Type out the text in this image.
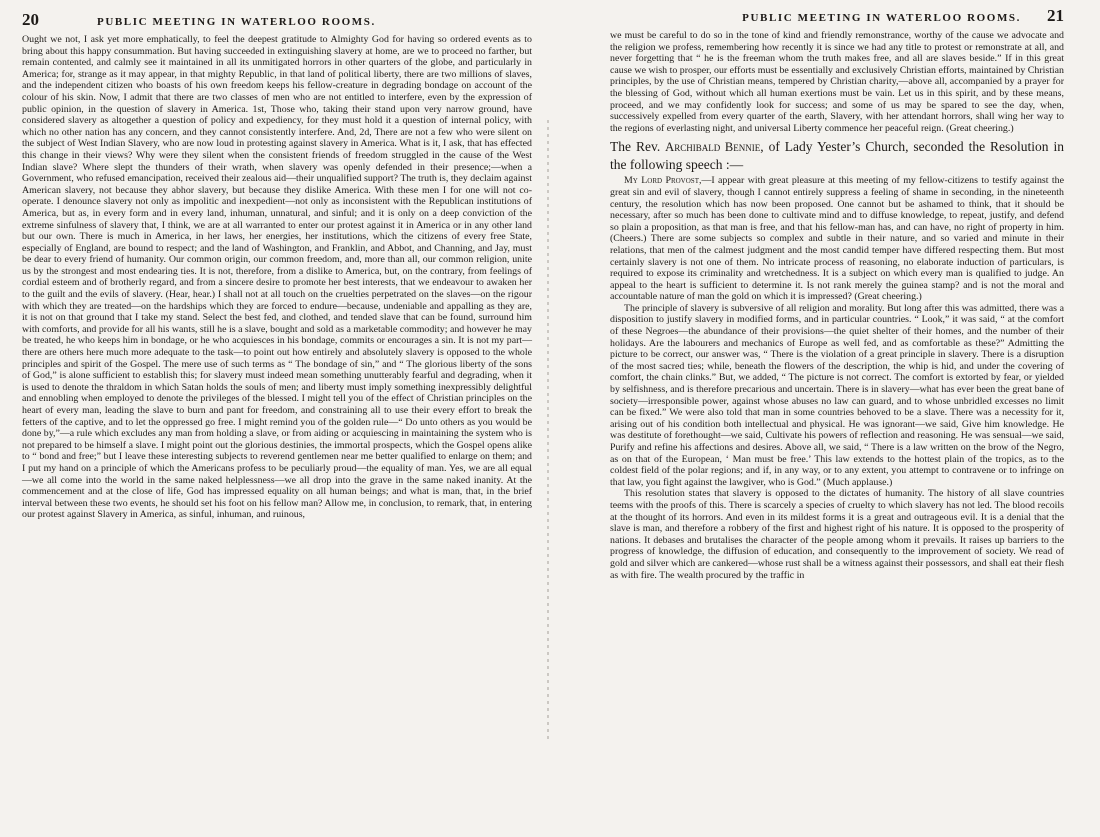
20	PUBLIC MEETING IN WATERLOO ROOMS.

Ought we not, I ask yet more emphatically, to feel the deepest gratitude to Almighty God for having so ordered events as to bring about this happy consummation. But having succeeded in extinguishing slavery at home, are we to proceed no farther, but remain contented, and calmly see it maintained in all its unmitigated horrors in other quarters of the globe, and particularly in America; for, strange as it may appear, in that mighty Republic, in that land of political liberty, there are two millions of slaves, and the independent citizen who boasts of his own freedom keeps his fellow-creature in degrading bondage on account of the colour of his skin. Now, I admit that there are two classes of men who are not entitled to interfere, even by the expression of public opinion, in the question of slavery in America. 1st, Those who, taking their stand upon very narrow ground, have considered slavery as altogether a question of policy and expediency, for they must hold it a question of internal policy, with which no other nation has any concern, and they cannot consistently interfere. And, 2d, There are not a few who were silent on the subject of West Indian Slavery, who are now loud in protesting against slavery in America. What is it, I ask, that has effected this change in their views? Why were they silent when the consistent friends of freedom struggled in the cause of the West Indian slave? Where slept the thunders of their wrath, when slavery was openly defended in their presence;—when a Government, who refused emancipation, received their zealous aid—their unqualified support? The truth is, they declaim against American slavery, not because they abhor slavery, but because they dislike America. With these men I for one will not co-operate. I denounce slavery not only as impolitic and inexpedient—not only as inconsistent with the Republican institutions of America, but as, in every form and in every land, inhuman, unnatural, and sinful; and it is only on a deep conviction of the extreme sinfulness of slavery that, I think, we are at all warranted to enter our protest against it in America or in any other land but our own. There is much in America, in her laws, her energies, her institutions, which the citizens of every free State, especially of England, are bound to respect; and the land of Washington, and Franklin, and Abbot, and Channing, and Jay, must be dear to every friend of humanity. Our common origin, our common freedom, and, more than all, our common religion, unite us by the strongest and most endearing ties. It is not, therefore, from a dislike to America, but, on the contrary, from feelings of cordial esteem and of brotherly regard, and from a sincere desire to promote her best interests, that we endeavour to awaken her to the guilt and the evils of slavery. (Hear, hear.) I shall not at all touch on the cruelties perpetrated on the slaves—on the rigour with which they are treated—on the hardships which they are forced to endure—because, undeniable and appalling as they are, it is not on that ground that I take my stand. Select the best fed, and clothed, and tended slave that can be found, surround him with comforts, and provide for all his wants, still he is a slave, bought and sold as a marketable commodity; and however he may be treated, he who keeps him in bondage, or he who acquiesces in his bondage, commits or encourages a sin. It is not my part—there are others here much more adequate to the task—to point out how entirely and absolutely slavery is opposed to the whole principles and spirit of the Gospel. The mere use of such terms as “ The bondage of sin,” and “ The glorious liberty of the sons of God,” is alone sufficient to establish this; for slavery must indeed mean something unutterably fearful and degrading, when it is used to denote the thraldom in which Satan holds the souls of men; and liberty must imply something inexpressibly delightful and ennobling when employed to denote the privileges of the blessed. I might tell you of the effect of Christian principles on the heart of every man, leading the slave to burn and pant for freedom, and constraining all to use their every effort to break the fetters of the captive, and to let the oppressed go free. I might remind you of the golden rule—“ Do unto others as you would be done by,”—a rule which excludes any man from holding a slave, or from aiding or acquiescing in maintaining the system who is not prepared to be himself a slave. I might point out the glorious destinies, the immortal prospects, which the Gospel opens alike to “ bond and free;” but I leave these interesting subjects to reverend gentlemen near me better qualified to enlarge on them; and I put my hand on a principle of which the Americans profess to be peculiarly proud—the equality of man. Yes, we are all equal—we all come into the world in the same naked helplessness—we all drop into the grave in the same naked inanity. At the commencement and at the close of life, God has impressed equality on all human beings; and what is man, that, in the brief interval between these two events, he should set his foot on his fellow man? Allow me, in conclusion, to remark, that, in entering our protest against Slavery in America, as sinful, inhuman, and ruinous,

PUBLIC MEETING IN WATERLOO ROOMS. 21

we must be careful to do so in the tone of kind and friendly remonstrance, worthy of the cause we advocate and the religion we profess, remembering how recently it is since we had any title to protest or remonstrate at all, and never forgetting that “ he is the freeman whom the truth makes free, and all are slaves beside.” If in this great cause we wish to prosper, our efforts must be essentially and exclusively Christian efforts, maintained by Christian principles, by the use of Christian means, tempered by Christian charity,—above all, accompanied by a prayer for the blessing of God, without which all human exertions must be vain. Let us in this spirit, and by these means, proceed, and we may confidently look for success; and some of us may be spared to see the day, when, successively expelled from every quarter of the earth, Slavery, with her attendant horrors, shall wing her way to the regions of everlasting night, and universal Liberty commence her peaceful reign. (Great cheering.)

The Rev. Archibald Bennie, of Lady Yester’s Church, seconded the Resolution in the following speech :—

My Lord Provost,—I appear with great pleasure at this meeting of my fellow-citizens to testify against the great sin and evil of slavery, though I cannot entirely suppress a feeling of shame in seconding, in the nineteenth century, the resolution which has now been proposed. One cannot but be ashamed to think, that it should be necessary, after so much has been done to cultivate mind and to diffuse knowledge, to repeat, justify, and defend so plain a proposition, as that man is free, and that his fellow-man has, and can have, no right of property in him. (Cheers.) There are some subjects so complex and subtle in their nature, and so varied and minute in their relations, that men of the calmest judgment and the most candid temper have differed respecting them. But most certainly slavery is not one of them. No intricate process of reasoning, no elaborate induction of particulars, is required to expose its criminality and wretchedness. It is a subject on which every man is qualified to judge. An appeal to the heart is sufficient to determine it. Is not rank merely the guinea stamp? and is not the moral and accountable nature of man the gold on which it is impressed? (Great cheering.)

The principle of slavery is subversive of all religion and morality. But long after this was admitted, there was a disposition to justify slavery in modified forms, and in particular countries. “ Look,” it was said, “ at the comfort of these Negroes—the abundance of their provisions—the quiet shelter of their homes, and the number of their holidays. Are the labourers and mechanics of Europe as well fed, and as comfortable as these?” Admitting the picture to be correct, our answer was, “ There is the violation of a great principle in slavery. There is a disruption of the most sacred ties; while, beneath the flowers of the description, the whip is hid, and under the covering of comfort, the chain clinks.” But, we added, “ The picture is not correct. The comfort is extorted by fear, or yielded by selfishness, and is therefore precarious and uncertain. There is in slavery—what has ever been the great bane of society—irresponsible power, against whose abuses no law can guard, and to whose unbridled excesses no limit can be fixed.” We were also told that man in some countries behoved to be a slave. There was a necessity for it, arising out of his condition both intellectual and physical. He was ignorant—we said, Give him knowledge. He was destitute of forethought—we said, Cultivate his powers of reflection and reasoning. He was sensual—we said, Purify and refine his affections and desires. Above all, we said, “ There is a law written on the brow of the Negro, as on that of the European, ‘ Man must be free.’ This law extends to the hottest plain of the tropics, as to the coldest field of the polar regions; and if, in any way, or to any extent, you attempt to contravene or to infringe on that law, you fight against the lawgiver, who is God.” (Much applause.)

This resolution states that slavery is opposed to the dictates of humanity. The history of all slave countries teems with the proofs of this. There is scarcely a species of cruelty to which slavery has not led. The blood recoils at the thought of its horrors. And even in its mildest forms it is a great and outrageous evil. It is a denial that the slave is man, and therefore a robbery of the first and highest right of his nature. It is opposed to the prosperity of nations. It debases and brutalises the character of the people among whom it prevails. It raises up barriers to the progress of knowledge, the diffusion of education, and consequently to the improvement of society. We read of gold and silver which are cankered—whose rust shall be a witness against their possessors, and shall eat their flesh as with fire. The wealth procured by the traffic in
